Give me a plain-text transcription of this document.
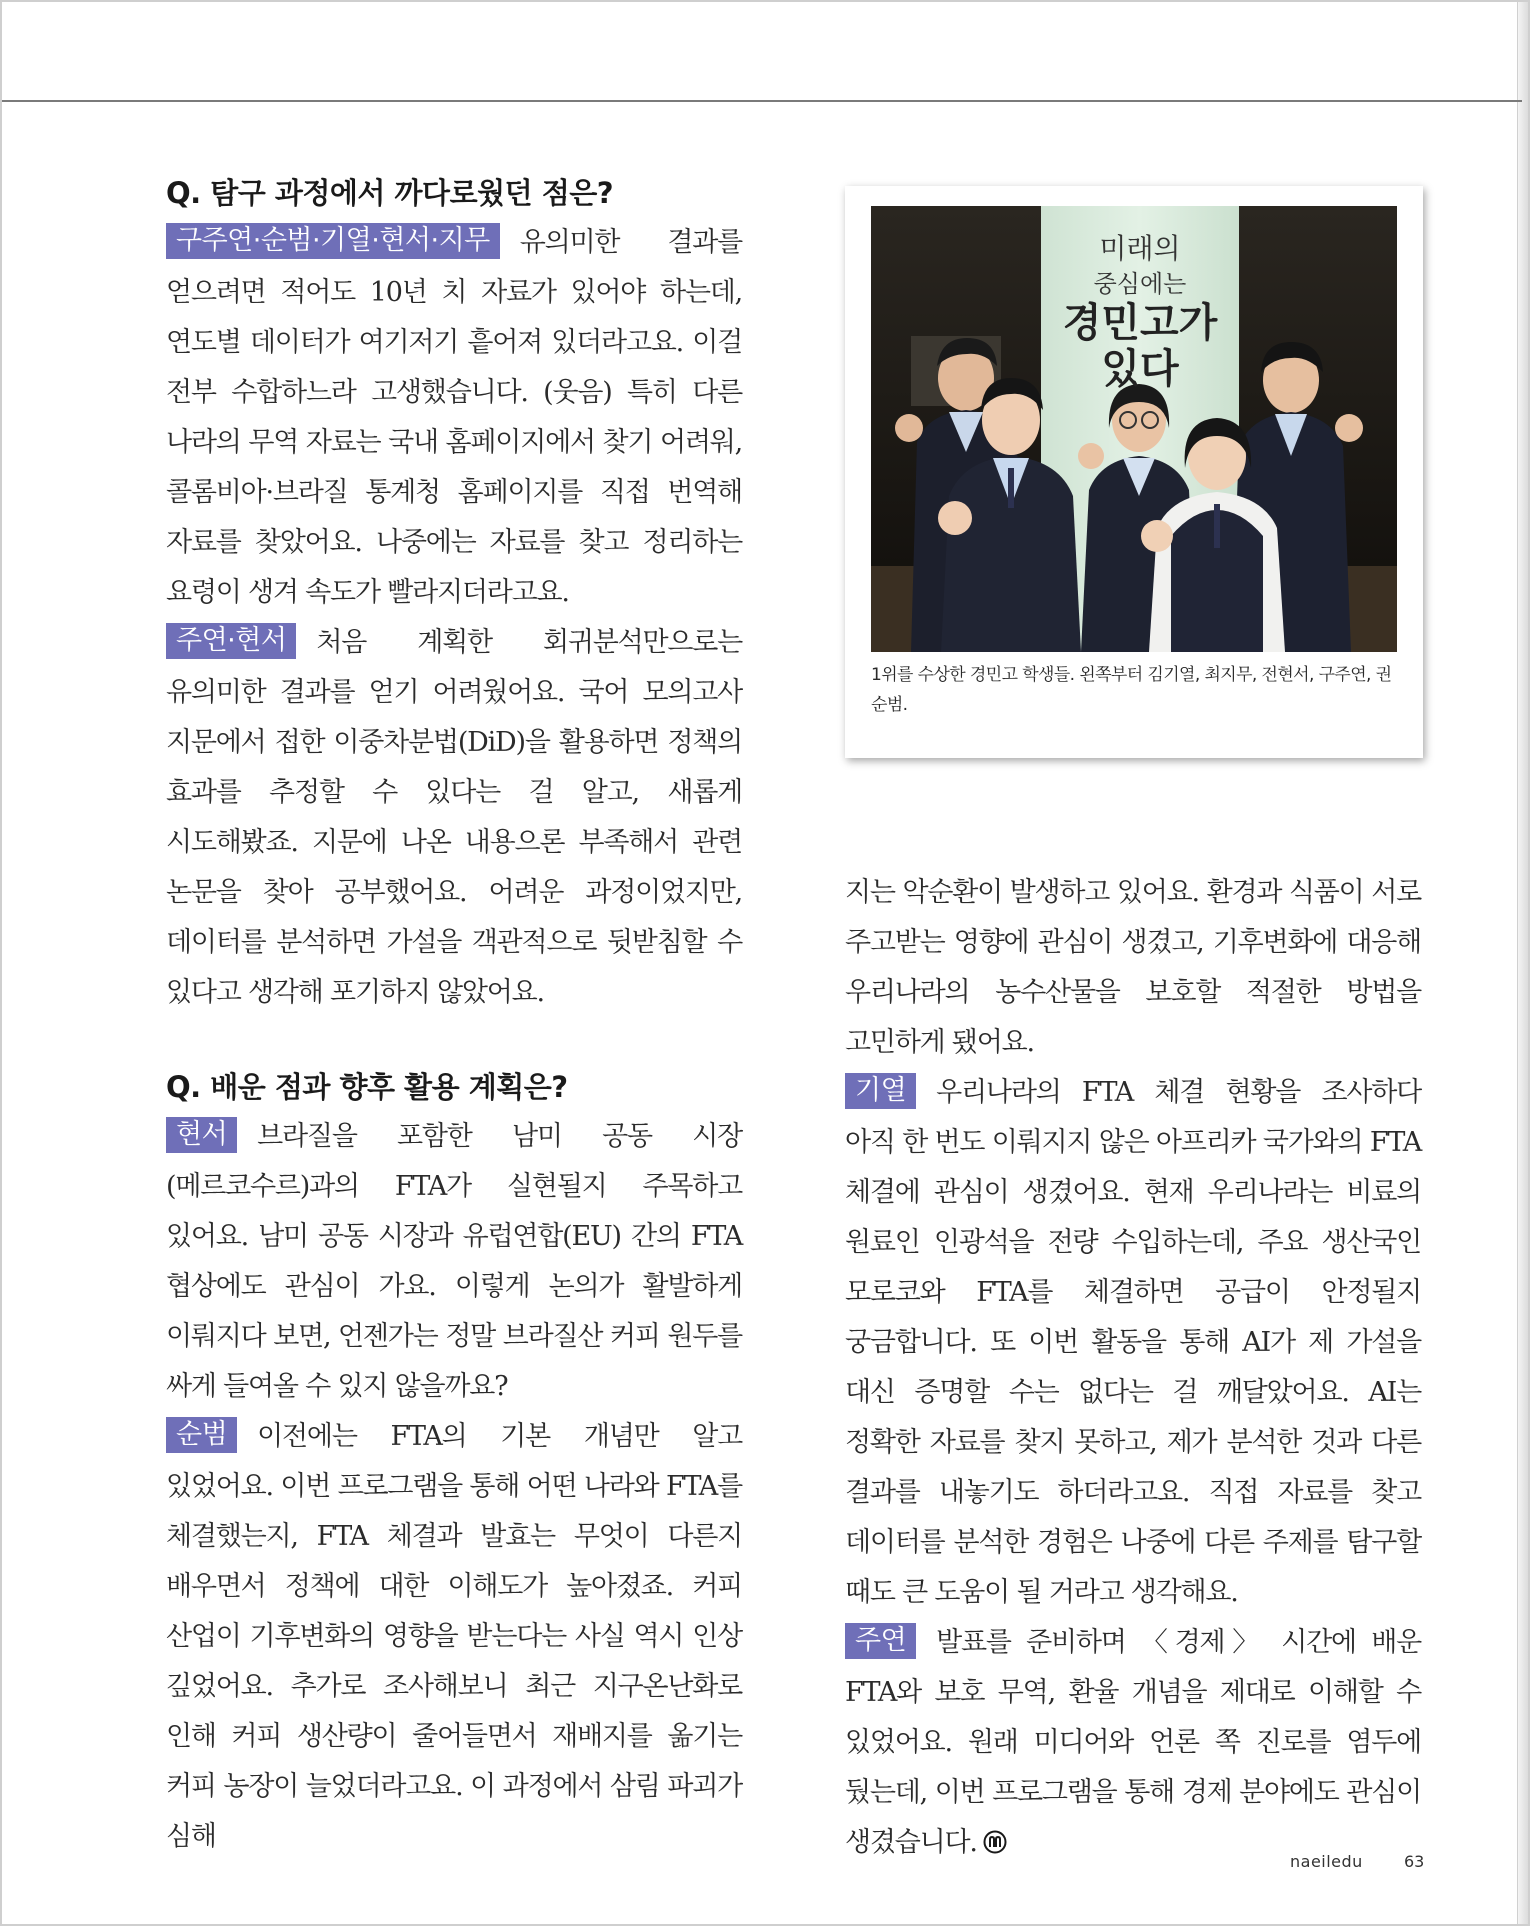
Q. 탐구 과정에서 까다로웠던 점은?

구주연·순범·기열·현서·지무 유의미한 결과를 얻으려면 적어도 10년 치 자료가 있어야 하는데, 연도별 데이터가 여기저기 흩어져 있더라고요. 이걸 전부 수합하느라 고생했습니다. (웃음) 특히 다른 나라의 무역 자료는 국내 홈페이지에서 찾기 어려워, 콜롬비아·브라질 통계청 홈페이지를 직접 번역해 자료를 찾았어요. 나중에는 자료를 찾고 정리하는 요령이 생겨 속도가 빨라지더라고요.

주연·현서 처음 계획한 회귀분석만으로는 유의미한 결과를 얻기 어려웠어요. 국어 모의고사 지문에서 접한 이중차분법(DiD)을 활용하면 정책의 효과를 추정할 수 있다는 걸 알고, 새롭게 시도해봤죠. 지문에 나온 내용으론 부족해서 관련 논문을 찾아 공부했어요. 어려운 과정이었지만, 데이터를 분석하면 가설을 객관적으로 뒷받침할 수 있다고 생각해 포기하지 않았어요.

Q. 배운 점과 향후 활용 계획은?

현서 브라질을 포함한 남미 공동 시장(메르코수르)과의 FTA가 실현될지 주목하고 있어요. 남미 공동 시장과 유럽연합(EU) 간의 FTA 협상에도 관심이 가요. 이렇게 논의가 활발하게 이뤄지다 보면, 언젠가는 정말 브라질산 커피 원두를 싸게 들여올 수 있지 않을까요?

순범 이전에는 FTA의 기본 개념만 알고 있었어요. 이번 프로그램을 통해 어떤 나라와 FTA를 체결했는지, FTA 체결과 발효는 무엇이 다른지 배우면서 정책에 대한 이해도가 높아졌죠. 커피 산업이 기후변화의 영향을 받는다는 사실 역시 인상 깊었어요. 추가로 조사해보니 최근 지구온난화로 인해 커피 생산량이 줄어들면서 재배지를 옮기는 커피 농장이 늘었더라고요. 이 과정에서 삼림 파괴가 심해

미래의
중심에는
경민고가
있다

1위를 수상한 경민고 학생들. 왼쪽부터 김기열, 최지무, 전현서, 구주연, 권순범.

지는 악순환이 발생하고 있어요. 환경과 식품이 서로 주고받는 영향에 관심이 생겼고, 기후변화에 대응해 우리나라의 농수산물을 보호할 적절한 방법을 고민하게 됐어요.

기열 우리나라의 FTA 체결 현황을 조사하다 아직 한 번도 이뤄지지 않은 아프리카 국가와의 FTA 체결에 관심이 생겼어요. 현재 우리나라는 비료의 원료인 인광석을 전량 수입하는데, 주요 생산국인 모로코와 FTA를 체결하면 공급이 안정될지 궁금합니다. 또 이번 활동을 통해 AI가 제 가설을 대신 증명할 수는 없다는 걸 깨달았어요. AI는 정확한 자료를 찾지 못하고, 제가 분석한 것과 다른 결과를 내놓기도 하더라고요. 직접 자료를 찾고 데이터를 분석한 경험은 나중에 다른 주제를 탐구할 때도 큰 도움이 될 거라고 생각해요.

주연 발표를 준비하며 〈경제〉 시간에 배운 FTA와 보호 무역, 환율 개념을 제대로 이해할 수 있었어요. 원래 미디어와 언론 쪽 진로를 염두에 뒀는데, 이번 프로그램을 통해 경제 분야에도 관심이 생겼습니다.

naeiledu	63
